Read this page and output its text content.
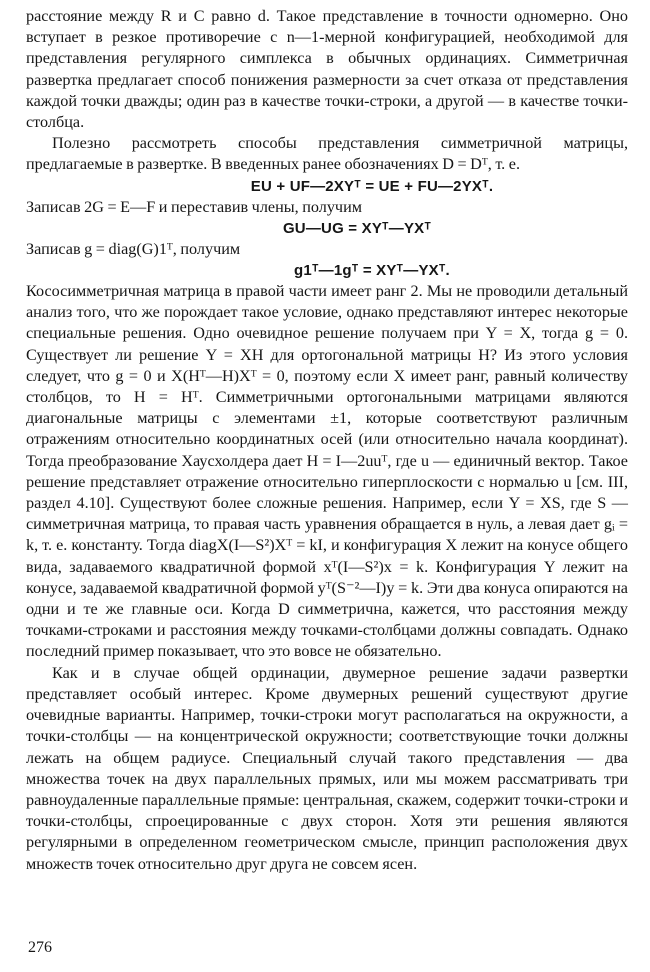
расстояние между R и C равно d. Такое представление в точности одномерно. Оно вступает в резкое противоречие с n—1-мерной конфигурацией, необходимой для представления регулярного симплекса в обычных ординациях. Симметричная развертка предлагает способ понижения размерности за счет отказа от представления каждой точки дважды; один раз в качестве точки-строки, а другой — в качестве точки-столбца.

Полезно рассмотреть способы представления симметричной матрицы, предлагаемые в развертке. В введенных ранее обозначениях D = Dᵀ, т. е.

EU + UF—2XYᵀ = UE + FU—2YXᵀ.

Записав 2G = E—F и переставив члены, получим

GU—UG = XYᵀ—YXᵀ

Записав g = diag(G)1ᵀ, получим

g1ᵀ—1gᵀ = XYᵀ—YXᵀ.

Кососимметричная матрица в правой части имеет ранг 2. Мы не проводили детальный анализ того, что же порождает такое условие, однако представляют интерес некоторые специальные решения. Одно очевидное решение получаем при Y = X, тогда g = 0. Существует ли решение Y = XH для ортогональной матрицы H? Из этого условия следует, что g = 0 и X(Hᵀ—H)Xᵀ = 0, поэтому если X имеет ранг, равный количеству столбцов, то H = Hᵀ. Симметричными ортогональными матрицами являются диагональные матрицы с элементами ±1, которые соответствуют различным отражениям относительно координатных осей (или относительно начала координат). Тогда преобразование Хаусхолдера дает H = I—2uuᵀ, где u — единичный вектор. Такое решение представляет отражение относительно гиперплоскости с нормалью u [см. III, раздел 4.10]. Существуют более сложные решения. Например, если Y = XS, где S — симметричная матрица, то правая часть уравнения обращается в нуль, а левая дает gᵢ = k, т. е. константу. Тогда diagX(I—S²)Xᵀ = kI, и конфигурация X лежит на конусе общего вида, задаваемого квадратичной формой xᵀ(I—S²)x = k. Конфигурация Y лежит на конусе, задаваемой квадратичной формой yᵀ(S⁻²—I)y = k. Эти два конуса опираются на одни и те же главные оси. Когда D симметрична, кажется, что расстояния между точками-строками и расстояния между точками-столбцами должны совпадать. Однако последний пример показывает, что это вовсе не обязательно.

Как и в случае общей ординации, двумерное решение задачи развертки представляет особый интерес. Кроме двумерных решений существуют другие очевидные варианты. Например, точки-строки могут располагаться на окружности, а точки-столбцы — на концентрической окружности; соответствующие точки должны лежать на общем радиусе. Специальный случай такого представления — два множества точек на двух параллельных прямых, или мы можем рассматривать три равноудаленные параллельные прямые: центральная, скажем, содержит точки-строки и точки-столбцы, спроецированные с двух сторон. Хотя эти решения являются регулярными в определенном геометрическом смысле, принцип расположения двух множеств точек относительно друг друга не совсем ясен.

276
